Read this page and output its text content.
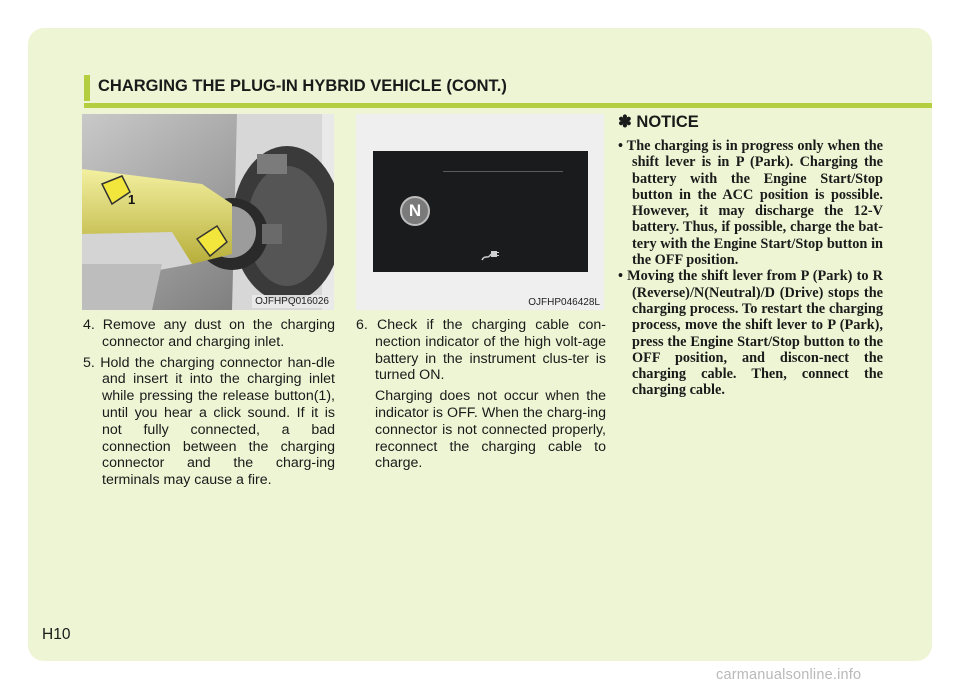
CHARGING THE PLUG-IN HYBRID VEHICLE (CONT.)
1
OJFHPQ016026
N
OJFHP046428L

4. Remove any dust on the charging connector and charging inlet.

5. Hold the charging connector han-dle and insert it into the charging inlet while pressing the release button(1), until you hear a click sound. If it is not fully connected, a bad connection between the charging connector and the charg-ing terminals may cause a fire.

6. Check if the charging cable con-nection indicator of the high volt-age battery in the instrument clus-ter is turned ON.

Charging does not occur when the indicator is OFF. When the charg-ing connector is not connected properly, reconnect the charging cable to charge.

✽ NOTICE

• The charging is in progress only when the shift lever is in P (Park). Charging the battery with the Engine Start/Stop button in the ACC position is possible. However, it may discharge the 12-V battery. Thus, if possible, charge the bat-tery with the Engine Start/Stop button in the OFF position.

• Moving the shift lever from P (Park) to R (Reverse)/N(Neutral)/D (Drive) stops the charging process. To restart the charging process, move the shift lever to P (Park), press the Engine Start/Stop button to the OFF position, and discon-nect the charging cable. Then, connect the charging cable.

H10
carmanualsonline.info
